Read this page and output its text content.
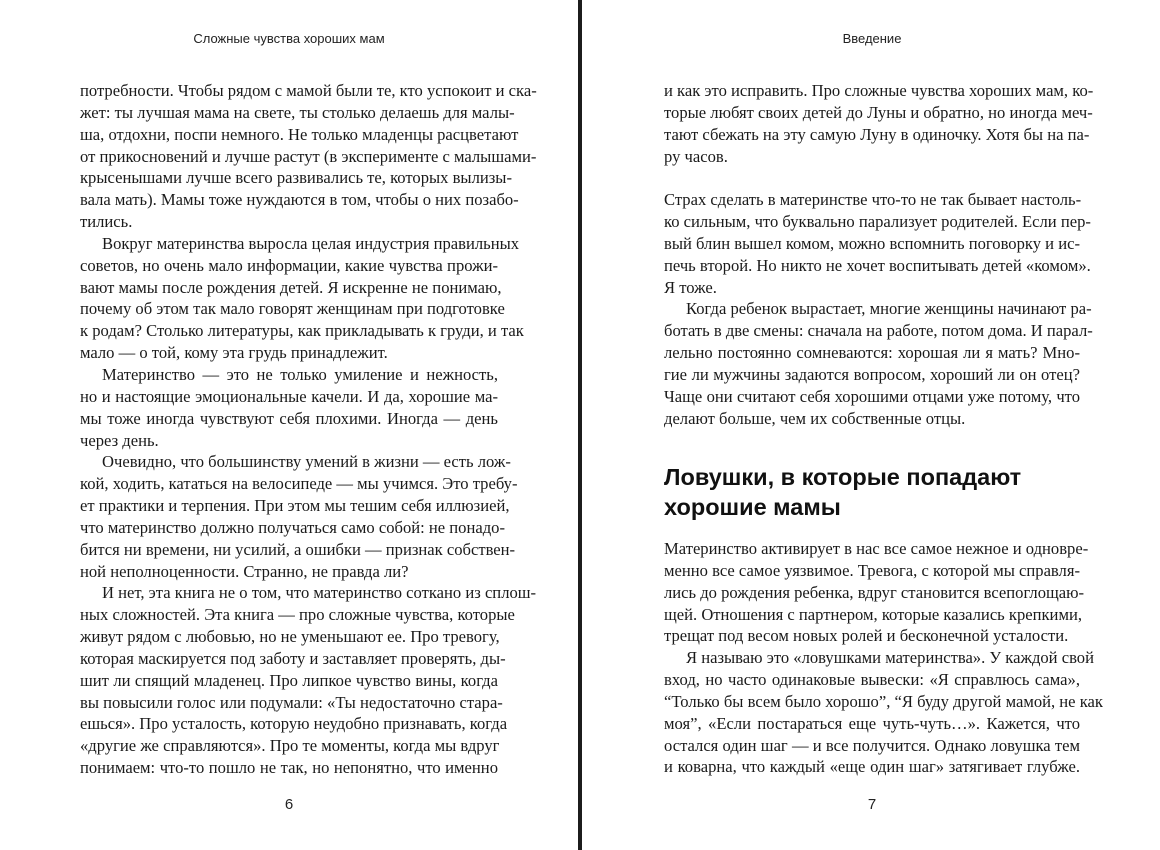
Сложные чувства хороших мам
потребности. Чтобы рядом с мамой были те, кто успокоит и ска-
жет: ты лучшая мама на свете, ты столько делаешь для малы-
ша, отдохни, поспи немного. Не только младенцы расцветают
от прикосновений и лучше растут (в эксперименте с малышами-
крысенышами лучше всего развивались те, которых вылизы-
вала мать). Мамы тоже нуждаются в том, чтобы о них позабо-
тились.
Вокруг материнства выросла целая индустрия правильных
советов, но очень мало информации, какие чувства прожи-
вают мамы после рождения детей. Я искренне не понимаю,
почему об этом так мало говорят женщинам при подготовке
к родам? Столько литературы, как прикладывать к груди, и так
мало — о той, кому эта грудь принадлежит.
Материнство — это не только умиление и нежность,
но и настоящие эмоциональные качели. И да, хорошие ма-
мы тоже иногда чувствуют себя плохими. Иногда — день
через день.
Очевидно, что большинству умений в жизни — есть лож-
кой, ходить, кататься на велосипеде — мы учимся. Это требу-
ет практики и терпения. При этом мы тешим себя иллюзией,
что материнство должно получаться само собой: не понадо-
бится ни времени, ни усилий, а ошибки — признак собствен-
ной неполноценности. Странно, не правда ли?
И нет, эта книга не о том, что материнство соткано из сплош-
ных сложностей. Эта книга — про сложные чувства, которые
живут рядом с любовью, но не уменьшают ее. Про тревогу,
которая маскируется под заботу и заставляет проверять, ды-
шит ли спящий младенец. Про липкое чувство вины, когда
вы повысили голос или подумали: «Ты недостаточно стара-
ешься». Про усталость, которую неудобно признавать, когда
«другие же справляются». Про те моменты, когда мы вдруг
понимаем: что-то пошло не так, но непонятно, что именно
6
Введение
и как это исправить. Про сложные чувства хороших мам, ко-
торые любят своих детей до Луны и обратно, но иногда меч-
тают сбежать на эту самую Луну в одиночку. Хотя бы на па-
ру часов.
Страх сделать в материнстве что-то не так бывает настоль-
ко сильным, что буквально парализует родителей. Если пер-
вый блин вышел комом, можно вспомнить поговорку и ис-
печь второй. Но никто не хочет воспитывать детей «комом».
Я тоже.
Когда ребенок вырастает, многие женщины начинают ра-
ботать в две смены: сначала на работе, потом дома. И парал-
лельно постоянно сомневаются: хорошая ли я мать? Мно-
гие ли мужчины задаются вопросом, хороший ли он отец?
Чаще они считают себя хорошими отцами уже потому, что
делают больше, чем их собственные отцы.
Ловушки, в которые попадают
хорошие мамы
Материнство активирует в нас все самое нежное и одновре-
менно все самое уязвимое. Тревога, с которой мы справля-
лись до рождения ребенка, вдруг становится всепоглощаю-
щей. Отношения с партнером, которые казались крепкими,
трещат под весом новых ролей и бесконечной усталости.
Я называю это «ловушками материнства». У каждой свой
вход, но часто одинаковые вывески: «Я справлюсь сама»,
“Только бы всем было хорошо”, “Я буду другой мамой, не как
моя”, «Если постараться еще чуть-чуть…». Кажется, что
остался один шаг — и все получится. Однако ловушка тем
и коварна, что каждый «еще один шаг» затягивает глубже.
7
